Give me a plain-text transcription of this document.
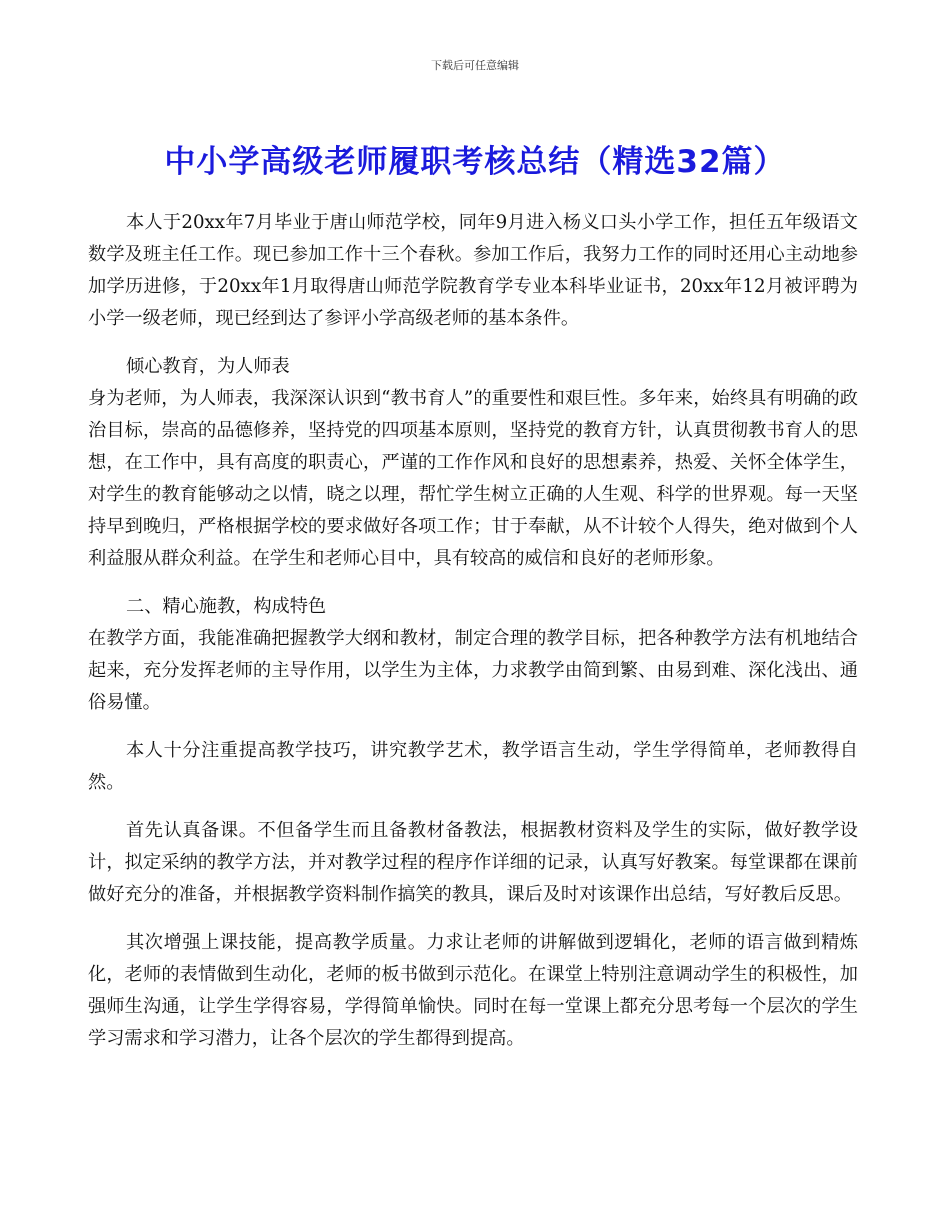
下载后可任意编辑
中小学高级老师履职考核总结（精选32篇）

本人于20xx年7月毕业于唐山师范学校，同年9月进入杨义口头小学工作，担任五年级语文数学及班主任工作。现已参加工作十三个春秋。参加工作后，我努力工作的同时还用心主动地参加学历进修，于20xx年1月取得唐山师范学院教育学专业本科毕业证书，20xx年12月被评聘为小学一级老师，现已经到达了参评小学高级老师的基本条件。

倾心教育，为人师表

身为老师，为人师表，我深深认识到“教书育人”的重要性和艰巨性。多年来，始终具有明确的政治目标，崇高的品德修养，坚持党的四项基本原则，坚持党的教育方针，认真贯彻教书育人的思想，在工作中，具有高度的职责心，严谨的工作作风和良好的思想素养，热爱、关怀全体学生，对学生的教育能够动之以情，晓之以理，帮忙学生树立正确的人生观、科学的世界观。每一天坚持早到晚归，严格根据学校的要求做好各项工作；甘于奉献，从不计较个人得失，绝对做到个人利益服从群众利益。在学生和老师心目中，具有较高的威信和良好的老师形象。

二、精心施教，构成特色

在教学方面，我能准确把握教学大纲和教材，制定合理的教学目标，把各种教学方法有机地结合起来，充分发挥老师的主导作用，以学生为主体，力求教学由简到繁、由易到难、深化浅出、通俗易懂。

本人十分注重提高教学技巧，讲究教学艺术，教学语言生动，学生学得简单，老师教得自然。

首先认真备课。不但备学生而且备教材备教法，根据教材资料及学生的实际，做好教学设计，拟定采纳的教学方法，并对教学过程的程序作详细的记录，认真写好教案。每堂课都在课前做好充分的准备，并根据教学资料制作搞笑的教具，课后及时对该课作出总结，写好教后反思。

其次增强上课技能，提高教学质量。力求让老师的讲解做到逻辑化，老师的语言做到精炼化，老师的表情做到生动化，老师的板书做到示范化。在课堂上特别注意调动学生的积极性，加强师生沟通，让学生学得容易，学得简单愉快。同时在每一堂课上都充分思考每一个层次的学生学习需求和学习潜力，让各个层次的学生都得到提高。
